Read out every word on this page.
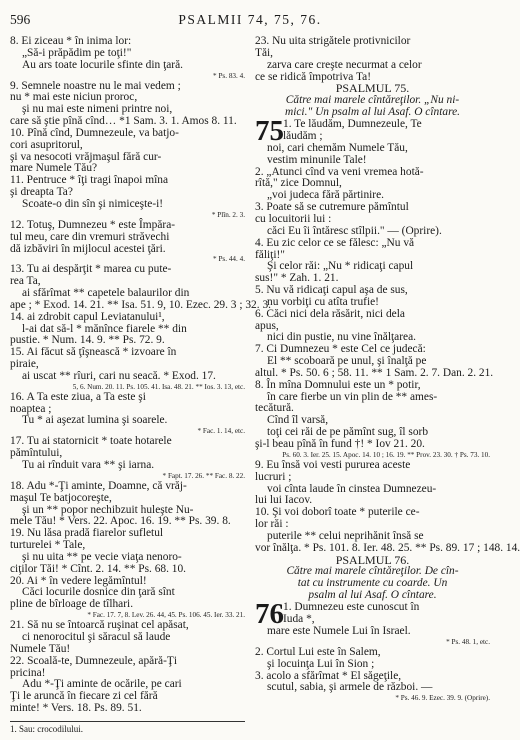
596	PSALMII 74, 75, 76.
8. Ei ziceau * în inima lor:
„Să-i prăpădim pe toţi!"
Au ars toate locurile sfinte din ţară.
* Ps. 83. 4.
9. Semnele noastre nu le mai vedem ;
nu * mai este niciun proroc,
şi nu mai este nimeni printre noi,
care să ştie pînă cînd… *1 Sam. 3. 1. Amos 8. 11.
10. Pînă cînd, Dumnezeule, va batjo-
cori asupritorul,
şi va nesocoti vrăjmaşul fără cur-
mare Numele Tău?
11. Pentruce * îţi tragi înapoi mîna
şi dreapta Ta?
Scoate-o din sîn şi nimiceşte-i!
* Plîn. 2. 3.
12. Totuş, Dumnezeu * este Împăra-
tul meu, care din vremuri străvechi
dă izbăviri în mijlocul acestei ţări.
* Ps. 44. 4.
13. Tu ai despărţit * marea cu pute-
rea Ta,
ai sfărîmat ** capetele balaurilor din
ape ; * Exod. 14. 21. ** Isa. 51. 9, 10. Ezec. 29. 3 ; 32. 3.
14. ai zdrobit capul Leviatanului¹,
l-ai dat să-l * mănînce fiarele ** din
pustie. * Num. 14. 9. ** Ps. 72. 9.
15. Ai făcut să ţîşnească * izvoare în
piraie,
ai uscat ** rîuri, cari nu seacă. * Exod. 17.
5, 6. Num. 20. 11. Ps. 105. 41. Isa. 48. 21. ** Ios. 3. 13, etc.
16. A Ta este ziua, a Ta este şi
noaptea ;
Tu * ai aşezat lumina şi soarele.
* Fac. 1. 14, etc.
17. Tu ai statornicit * toate hotarele
pămîntului,
Tu ai rînduit vara ** şi iarna.
* Fapt. 17. 26. ** Fac. 8. 22.
18. Adu *-Ţi aminte, Doamne, că vrăj-
maşul Te batjocoreşte,
şi un ** popor nechibzuit huleşte Nu-
mele Tău! * Vers. 22. Apoc. 16. 19. ** Ps. 39. 8.
19. Nu lăsa pradă fiarelor sufletul
turturelei * Tale,
şi nu uita ** pe vecie viaţa nenoro-
ciţilor Tăi! * Cînt. 2. 14. ** Ps. 68. 10.
20. Ai * în vedere legămîntul!
Căci locurile dosnice din ţară sînt
pline de bîrloage de tîlhari.
* Fac. 17. 7, 8. Lev. 26. 44, 45. Ps. 106. 45. Ier. 33. 21.
21. Să nu se întoarcă ruşinat cel apăsat,
ci nenorocitul şi săracul să laude
Numele Tău!
22. Scoală-te, Dumnezeule, apără-Ţi
pricina!
Adu *-Ţi aminte de ocările, pe cari
Ţi le aruncă în fiecare zi cel fără
minte! * Vers. 18. Ps. 89. 51.
23. Nu uita strigătele protivnicilor
Tăi,
zarva care creşte necurmat a celor
ce se ridică împotriva Ta!
PSALMUL 75.
Către mai marele cîntăreţilor. „Nu ni-
mici." Un psalm al lui Asaf. O cîntare.
75 1. Te lăudăm, Dumnezeule, Te
lăudăm ;
noi, cari chemăm Numele Tău,
vestim minunile Tale!
2. „Atunci cînd va veni vremea hotă-
rîtă," zice Domnul,
„voi judeca fără părtinire.
3. Poate să se cutremure pămîntul
cu locuitorii lui :
căci Eu îi întăresc stîlpii." — (Oprire).
4. Eu zic celor ce se fălesc: „Nu vă
făliţi!"
Şi celor răi: „Nu * ridicaţi capul
sus!" * Zah. 1. 21.
5. Nu vă ridicaţi capul aşa de sus,
nu vorbiţi cu atîta trufie!
6. Căci nici dela răsărit, nici dela
apus,
nici din pustie, nu vine înălţarea.
7. Ci Dumnezeu * este Cel ce judecă:
El ** scoboară pe unul, şi înalţă pe
altul. * Ps. 50. 6 ; 58. 11. ** 1 Sam. 2. 7. Dan. 2. 21.
8. În mîna Domnului este un * potir,
în care fierbe un vin plin de ** ames-
tecătură.
Cînd îl varsă,
toţi cei răi de pe pămînt sug, îl sorb
şi-l beau pînă în fund †! * Iov 21. 20.
Ps. 60. 3. Ier. 25. 15. Apoc. 14. 10 ; 16. 19. ** Prov. 23. 30. † Ps. 73. 10.
9. Eu însă voi vesti pururea aceste
lucruri ;
voi cînta laude în cinstea Dumnezeu-
lui lui Iacov.
10. Şi voi doborî toate * puterile ce-
lor răi :
puterile ** celui neprihănit însă se
vor înălţa. * Ps. 101. 8. Ier. 48. 25. ** Ps. 89. 17 ; 148. 14.
PSALMUL 76.
Către mai marele cîntăreţilor. De cîn-
tat cu instrumente cu coarde. Un
psalm al lui Asaf. O cîntare.
76 1. Dumnezeu este cunoscut în
Iuda *,
mare este Numele Lui în Israel.
* Ps. 48. 1, etc.
2. Cortul Lui este în Salem,
şi locuinţa Lui în Sion ;
3. acolo a sfărîmat * El săgeţile,
scutul, sabia, şi armele de război. —
* Ps. 46. 9. Ezec. 39. 9. (Oprire).
1. Sau: crocodilului.
